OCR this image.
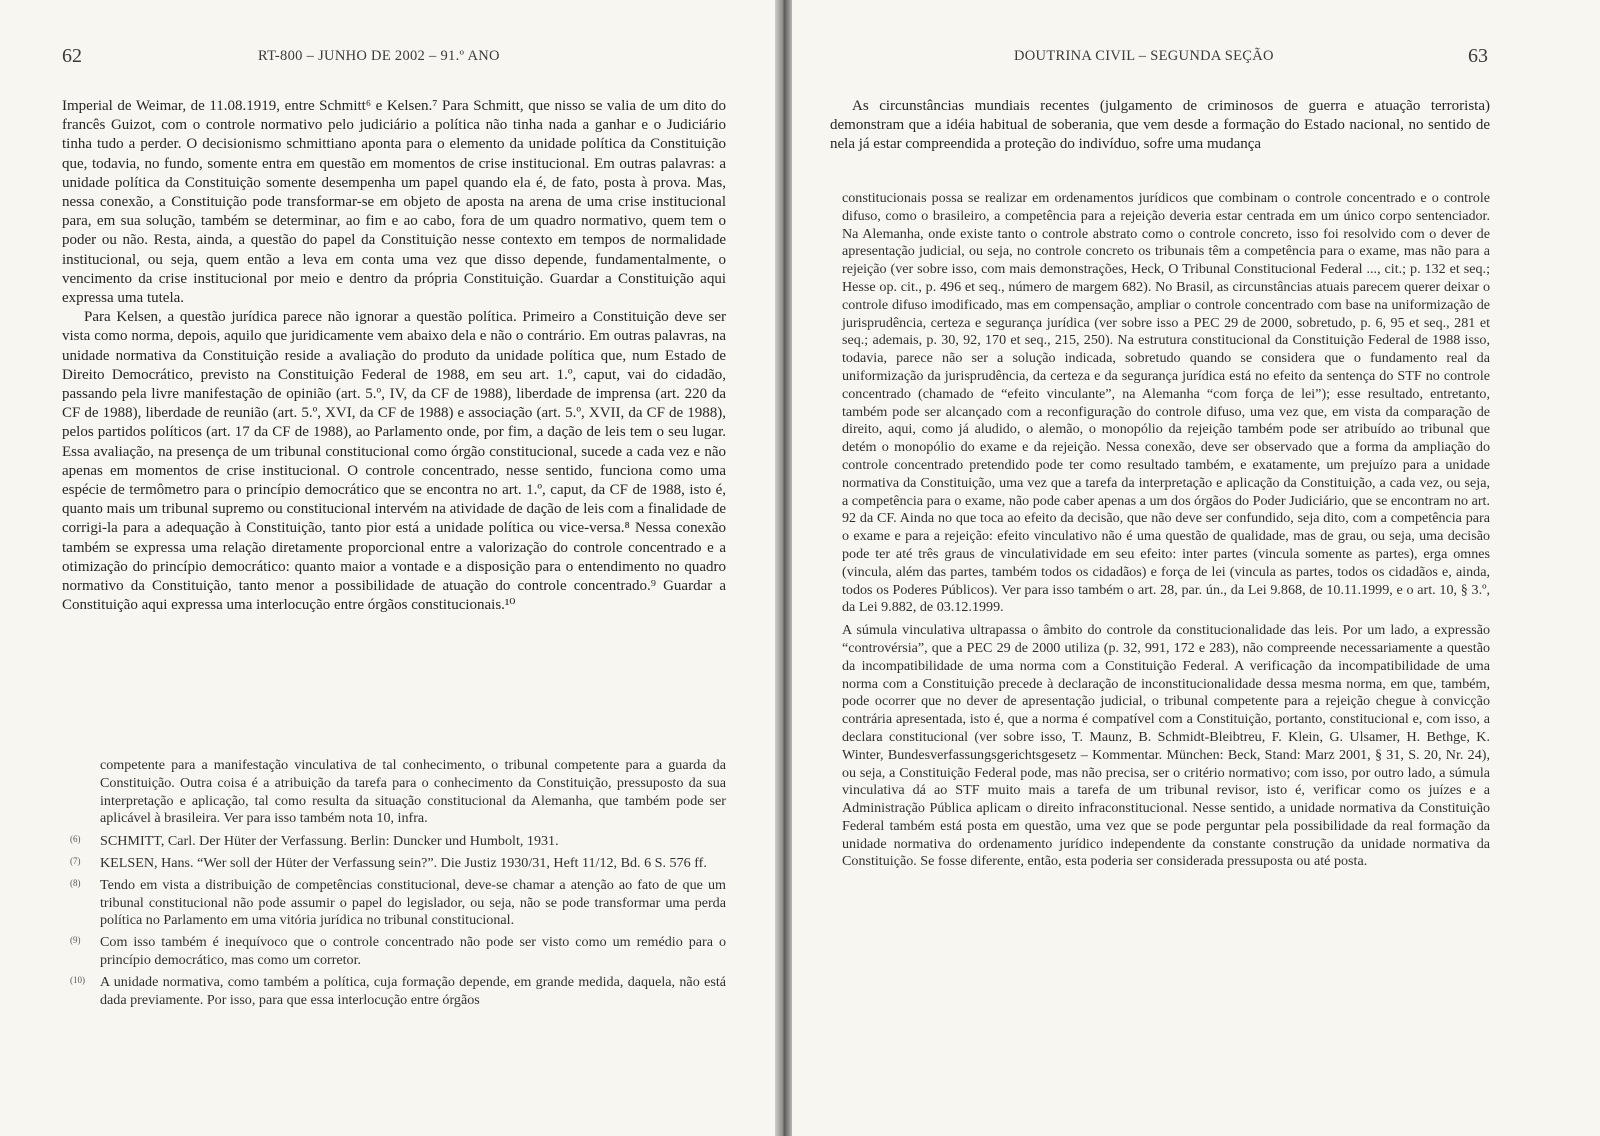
62	RT-800 – JUNHO DE 2002 – 91.º ANO

Imperial de Weimar, de 11.08.1919, entre Schmitt⁶ e Kelsen.⁷ Para Schmitt, que nisso se valia de um dito do francês Guizot, com o controle normativo pelo judiciário a política não tinha nada a ganhar e o Judiciário tinha tudo a perder. O decisionismo schmittiano aponta para o elemento da unidade política da Constituição que, todavia, no fundo, somente entra em questão em momentos de crise institucional. Em outras palavras: a unidade política da Constituição somente desempenha um papel quando ela é, de fato, posta à prova. Mas, nessa conexão, a Constituição pode transformar-se em objeto de aposta na arena de uma crise institucional para, em sua solução, também se determinar, ao fim e ao cabo, fora de um quadro normativo, quem tem o poder ou não. Resta, ainda, a questão do papel da Constituição nesse contexto em tempos de normalidade institucional, ou seja, quem então a leva em conta uma vez que disso depende, fundamentalmente, o vencimento da crise institucional por meio e dentro da própria Constituição. Guardar a Constituição aqui expressa uma tutela.

Para Kelsen, a questão jurídica parece não ignorar a questão política. Primeiro a Constituição deve ser vista como norma, depois, aquilo que juridicamente vem abaixo dela e não o contrário. Em outras palavras, na unidade normativa da Constituição reside a avaliação do produto da unidade política que, num Estado de Direito Democrático, previsto na Constituição Federal de 1988, em seu art. 1.º, caput, vai do cidadão, passando pela livre manifestação de opinião (art. 5.º, IV, da CF de 1988), liberdade de imprensa (art. 220 da CF de 1988), liberdade de reunião (art. 5.º, XVI, da CF de 1988) e associação (art. 5.º, XVII, da CF de 1988), pelos partidos políticos (art. 17 da CF de 1988), ao Parlamento onde, por fim, a dação de leis tem o seu lugar. Essa avaliação, na presença de um tribunal constitucional como órgão constitucional, sucede a cada vez e não apenas em momentos de crise institucional. O controle concentrado, nesse sentido, funciona como uma espécie de termômetro para o princípio democrático que se encontra no art. 1.º, caput, da CF de 1988, isto é, quanto mais um tribunal supremo ou constitucional intervém na atividade de dação de leis com a finalidade de corrigi-la para a adequação à Constituição, tanto pior está a unidade política ou vice-versa.⁸ Nessa conexão também se expressa uma relação diretamente proporcional entre a valorização do controle concentrado e a otimização do princípio democrático: quanto maior a vontade e a disposição para o entendimento no quadro normativo da Constituição, tanto menor a possibilidade de atuação do controle concentrado.⁹ Guardar a Constituição aqui expressa uma interlocução entre órgãos constitucionais.¹⁰

competente para a manifestação vinculativa de tal conhecimento, o tribunal competente para a guarda da Constituição. Outra coisa é a atribuição da tarefa para o conhecimento da Constituição, pressuposto da sua interpretação e aplicação, tal como resulta da situação constitucional da Alemanha, que também pode ser aplicável à brasileira. Ver para isso também nota 10, infra.

(6) SCHMITT, Carl. Der Hüter der Verfassung. Berlin: Duncker und Humbolt, 1931.
(7) KELSEN, Hans. “Wer soll der Hüter der Verfassung sein?”. Die Justiz 1930/31, Heft 11/12, Bd. 6 S. 576 ff.
(8) Tendo em vista a distribuição de competências constitucional, deve-se chamar a atenção ao fato de que um tribunal constitucional não pode assumir o papel do legislador, ou seja, não se pode transformar uma perda política no Parlamento em uma vitória jurídica no tribunal constitucional.
(9) Com isso também é inequívoco que o controle concentrado não pode ser visto como um remédio para o princípio democrático, mas como um corretor.
(10) A unidade normativa, como também a política, cuja formação depende, em grande medida, daquela, não está dada previamente. Por isso, para que essa interlocução entre órgãos
DOUTRINA CIVIL – SEGUNDA SEÇÃO	63

As circunstâncias mundiais recentes (julgamento de criminosos de guerra e atuação terrorista) demonstram que a idéia habitual de soberania, que vem desde a formação do Estado nacional, no sentido de nela já estar compreendida a proteção do indivíduo, sofre uma mudança

constitucionais possa se realizar em ordenamentos jurídicos que combinam o controle concentrado e o controle difuso, como o brasileiro, a competência para a rejeição deveria estar centrada em um único corpo sentenciador. Na Alemanha, onde existe tanto o controle abstrato como o controle concreto, isso foi resolvido com o dever de apresentação judicial, ou seja, no controle concreto os tribunais têm a competência para o exame, mas não para a rejeição (ver sobre isso, com mais demonstrações, Heck, O Tribunal Constitucional Federal ..., cit.; p. 132 et seq.; Hesse op. cit., p. 496 et seq., número de margem 682). No Brasil, as circunstâncias atuais parecem querer deixar o controle difuso imodificado, mas em compensação, ampliar o controle concentrado com base na uniformização de jurisprudência, certeza e segurança jurídica (ver sobre isso a PEC 29 de 2000, sobretudo, p. 6, 95 et seq., 281 et seq.; ademais, p. 30, 92, 170 et seq., 215, 250). Na estrutura constitucional da Constituição Federal de 1988 isso, todavia, parece não ser a solução indicada, sobretudo quando se considera que o fundamento real da uniformização da jurisprudência, da certeza e da segurança jurídica está no efeito da sentença do STF no controle concentrado (chamado de “efeito vinculante”, na Alemanha “com força de lei”); esse resultado, entretanto, também pode ser alcançado com a reconfiguração do controle difuso, uma vez que, em vista da comparação de direito, aqui, como já aludido, o alemão, o monopólio da rejeição também pode ser atribuído ao tribunal que detém o monopólio do exame e da rejeição. Nessa conexão, deve ser observado que a forma da ampliação do controle concentrado pretendido pode ter como resultado também, e exatamente, um prejuízo para a unidade normativa da Constituição, uma vez que a tarefa da interpretação e aplicação da Constituição, a cada vez, ou seja, a competência para o exame, não pode caber apenas a um dos órgãos do Poder Judiciário, que se encontram no art. 92 da CF. Ainda no que toca ao efeito da decisão, que não deve ser confundido, seja dito, com a competência para o exame e para a rejeição: efeito vinculativo não é uma questão de qualidade, mas de grau, ou seja, uma decisão pode ter até três graus de vinculatividade em seu efeito: inter partes (vincula somente as partes), erga omnes (vincula, além das partes, também todos os cidadãos) e força de lei (vincula as partes, todos os cidadãos e, ainda, todos os Poderes Públicos). Ver para isso também o art. 28, par. ún., da Lei 9.868, de 10.11.1999, e o art. 10, § 3.º, da Lei 9.882, de 03.12.1999.

A súmula vinculativa ultrapassa o âmbito do controle da constitucionalidade das leis. Por um lado, a expressão “controvérsia”, que a PEC 29 de 2000 utiliza (p. 32, 991, 172 e 283), não compreende necessariamente a questão da incompatibilidade de uma norma com a Constituição Federal. A verificação da incompatibilidade de uma norma com a Constituição precede à declaração de inconstitucionalidade dessa mesma norma, em que, também, pode ocorrer que no dever de apresentação judicial, o tribunal competente para a rejeição chegue à convicção contrária apresentada, isto é, que a norma é compatível com a Constituição, portanto, constitucional e, com isso, a declara constitucional (ver sobre isso, T. Maunz, B. Schmidt-Bleibtreu, F. Klein, G. Ulsamer, H. Bethge, K. Winter, Bundesverfassungsgerichtsgesetz – Kommentar. München: Beck, Stand: Marz 2001, § 31, S. 20, Nr. 24), ou seja, a Constituição Federal pode, mas não precisa, ser o critério normativo; com isso, por outro lado, a súmula vinculativa dá ao STF muito mais a tarefa de um tribunal revisor, isto é, verificar como os juízes e a Administração Pública aplicam o direito infraconstitucional. Nesse sentido, a unidade normativa da Constituição Federal também está posta em questão, uma vez que se pode perguntar pela possibilidade da real formação da unidade normativa do ordenamento jurídico independente da constante construção da unidade normativa da Constituição. Se fosse diferente, então, esta poderia ser considerada pressuposta ou até posta.
